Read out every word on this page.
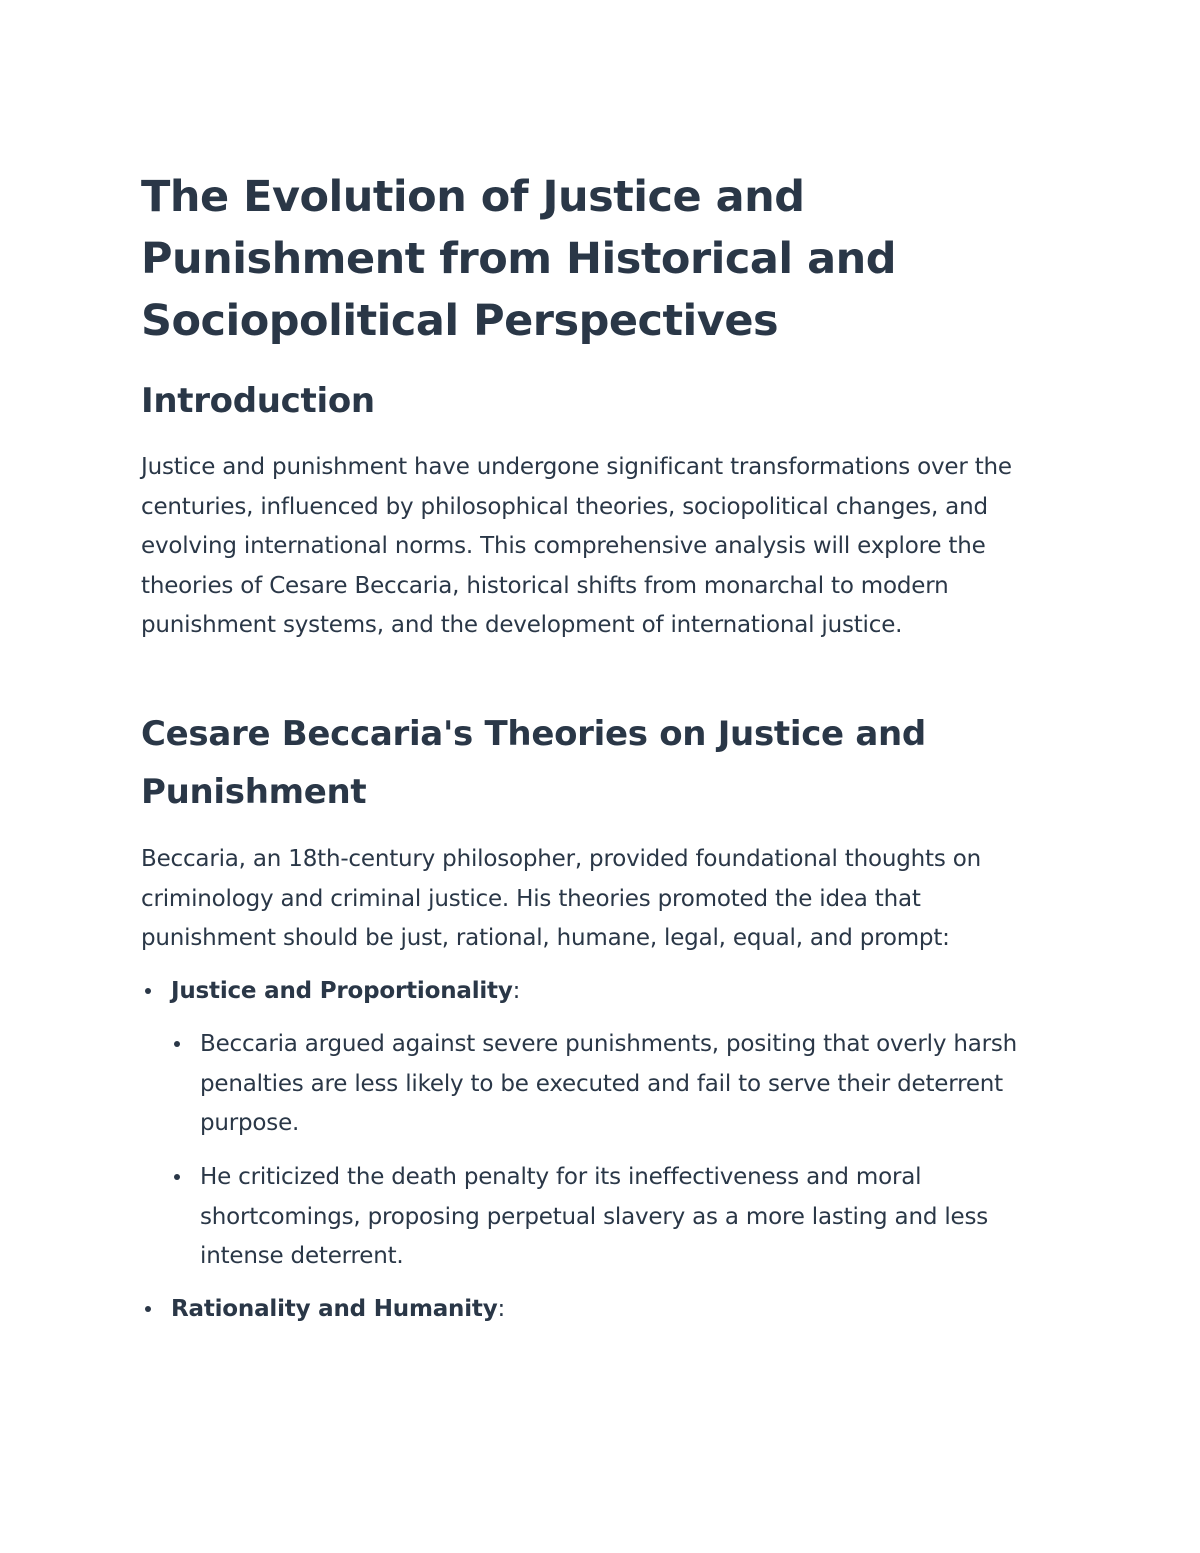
The Evolution of Justice and Punishment from Historical and Sociopolitical Perspectives
Introduction

Justice and punishment have undergone significant transformations over the centuries, influenced by philosophical theories, sociopolitical changes, and evolving international norms. This comprehensive analysis will explore the theories of Cesare Beccaria, historical shifts from monarchal to modern punishment systems, and the development of international justice.

Cesare Beccaria's Theories on Justice and Punishment

Beccaria, an 18th-century philosopher, provided foundational thoughts on criminology and criminal justice. His theories promoted the idea that punishment should be just, rational, humane, legal, equal, and prompt:

Justice and Proportionality:

Beccaria argued against severe punishments, positing that overly harsh penalties are less likely to be executed and fail to serve their deterrent purpose.

He criticized the death penalty for its ineffectiveness and moral shortcomings, proposing perpetual slavery as a more lasting and less intense deterrent.

Rationality and Humanity:
